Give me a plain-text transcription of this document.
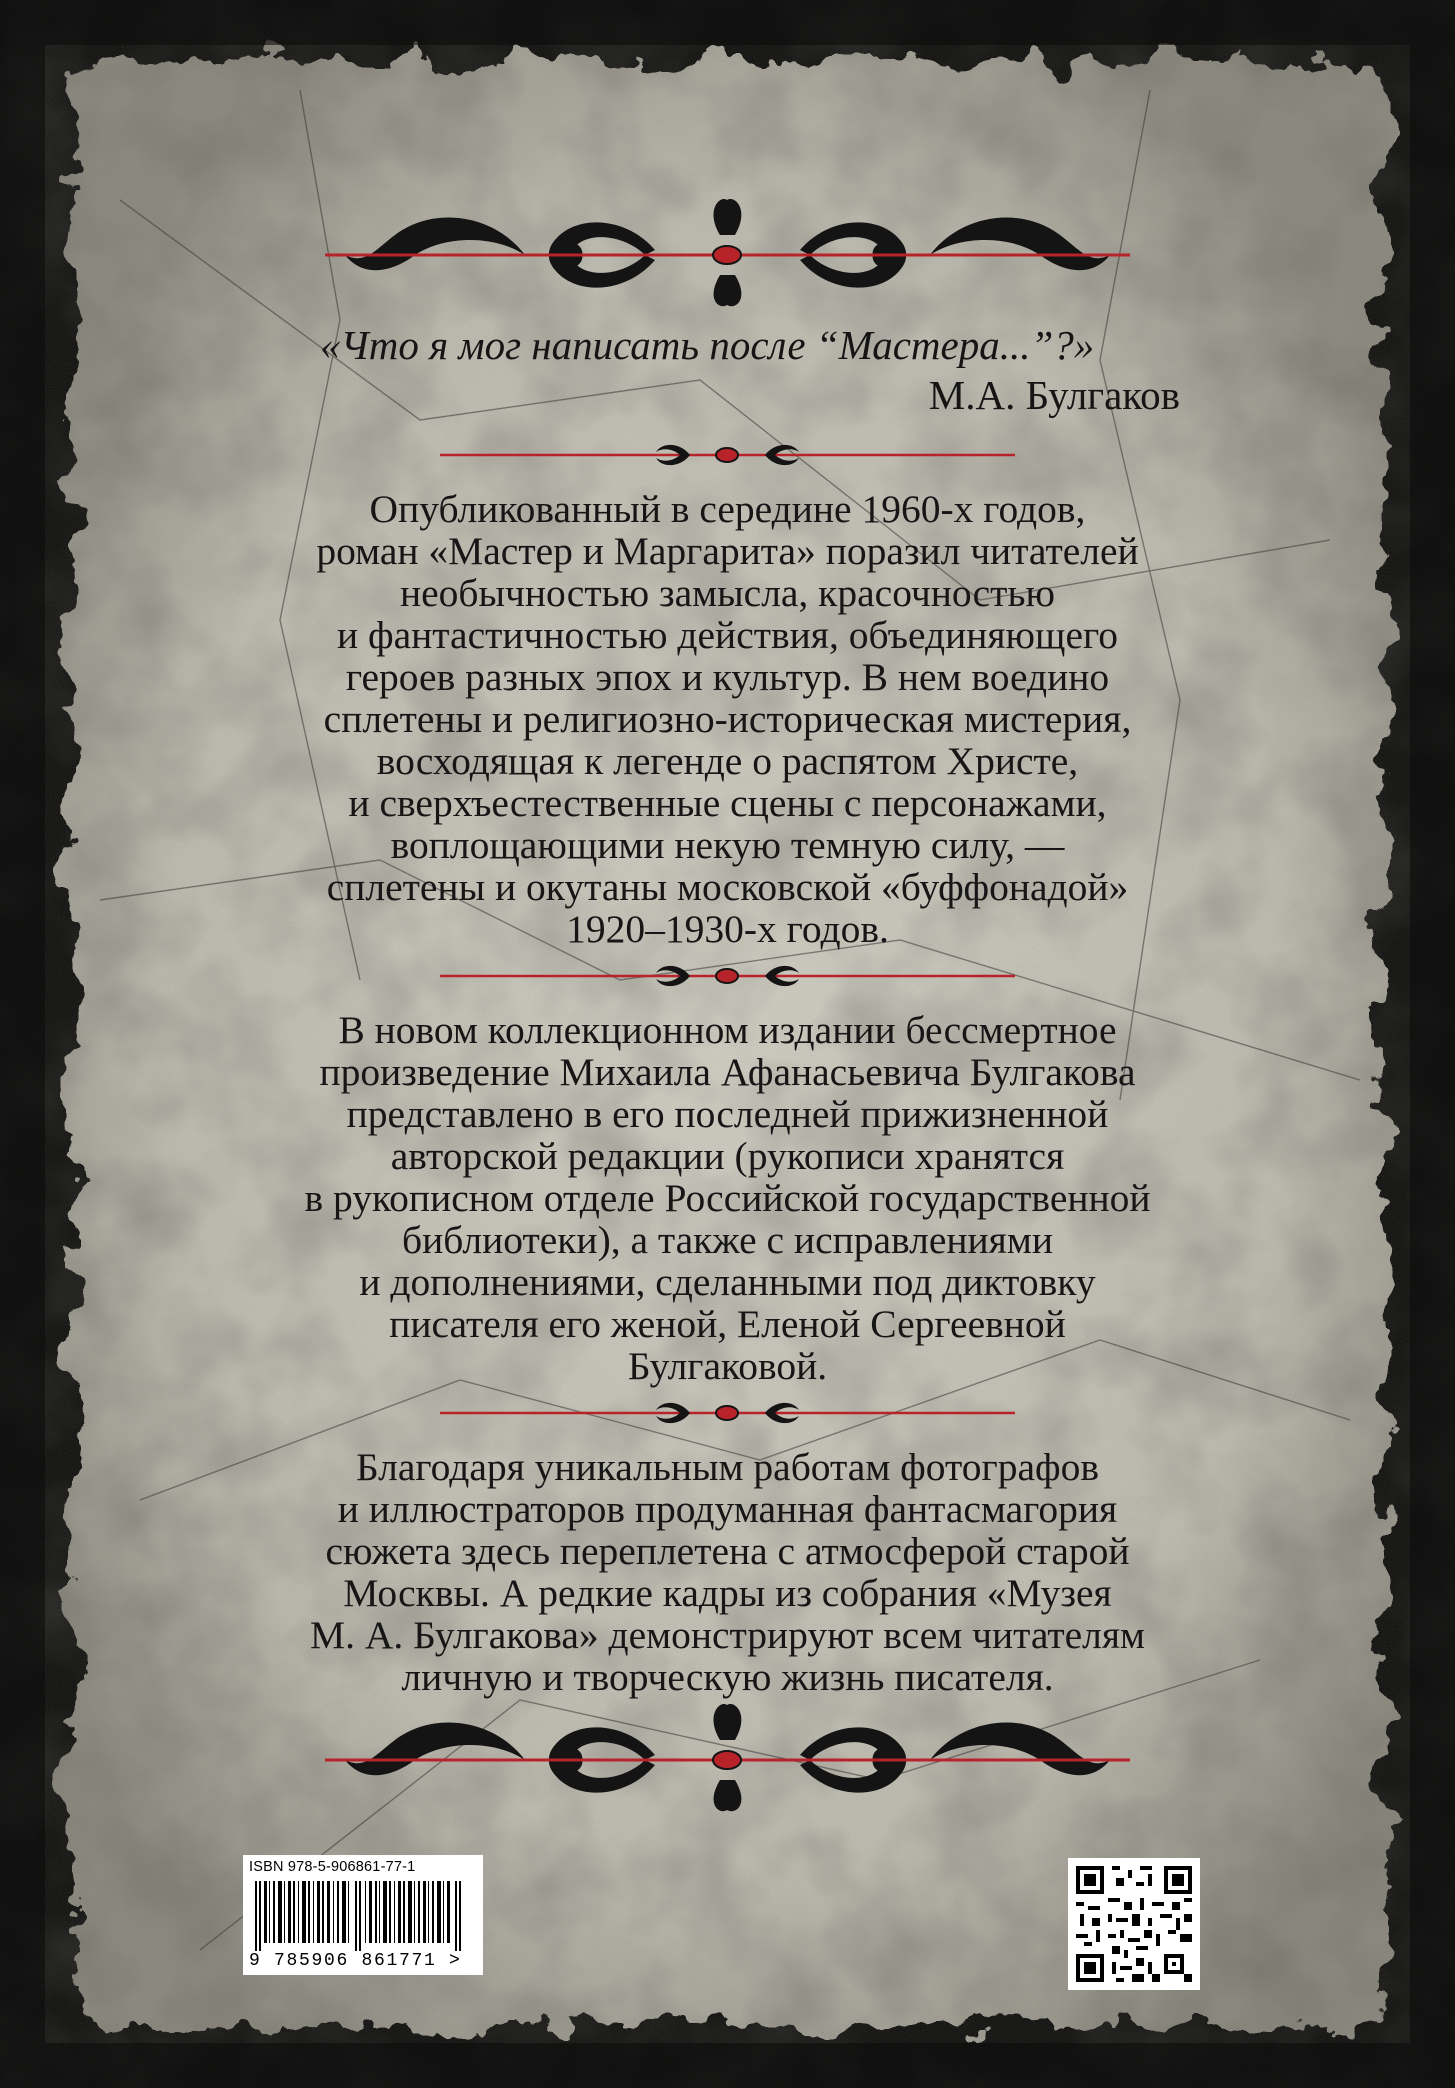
«Что я мог написать после “Мастера...”?»
М.А. Булгаков

Опубликованный в середине 1960-х годов,

роман «Мастер и Маргарита» поразил читателей

необычностью замысла, красочностью

и фантастичностью действия, объединяющего

героев разных эпох и культур. В нем воедино

сплетены и религиозно-историческая мистерия,

восходящая к легенде о распятом Христе,

и сверхъестественные сцены с персонажами,

воплощающими некую темную силу, —

сплетены и окутаны московской «буффонадой»

1920–1930-х годов.

В новом коллекционном издании бессмертное

произведение Михаила Афанасьевича Булгакова

представлено в его последней прижизненной

авторской редакции (рукописи хранятся

в рукописном отделе Российской государственной

библиотеки), а также с исправлениями

и дополнениями, сделанными под диктовку

писателя его женой, Еленой Сергеевной

Булгаковой.

Благодаря уникальным работам фотографов

и иллюстраторов продуманная фантасмагория

сюжета здесь переплетена с атмосферой старой

Москвы. А редкие кадры из собрания «Музея

М. А. Булгакова» демонстрируют всем читателям

личную и творческую жизнь писателя.

ISBN 978-5-906861-77-1
9 785906 861771 >
